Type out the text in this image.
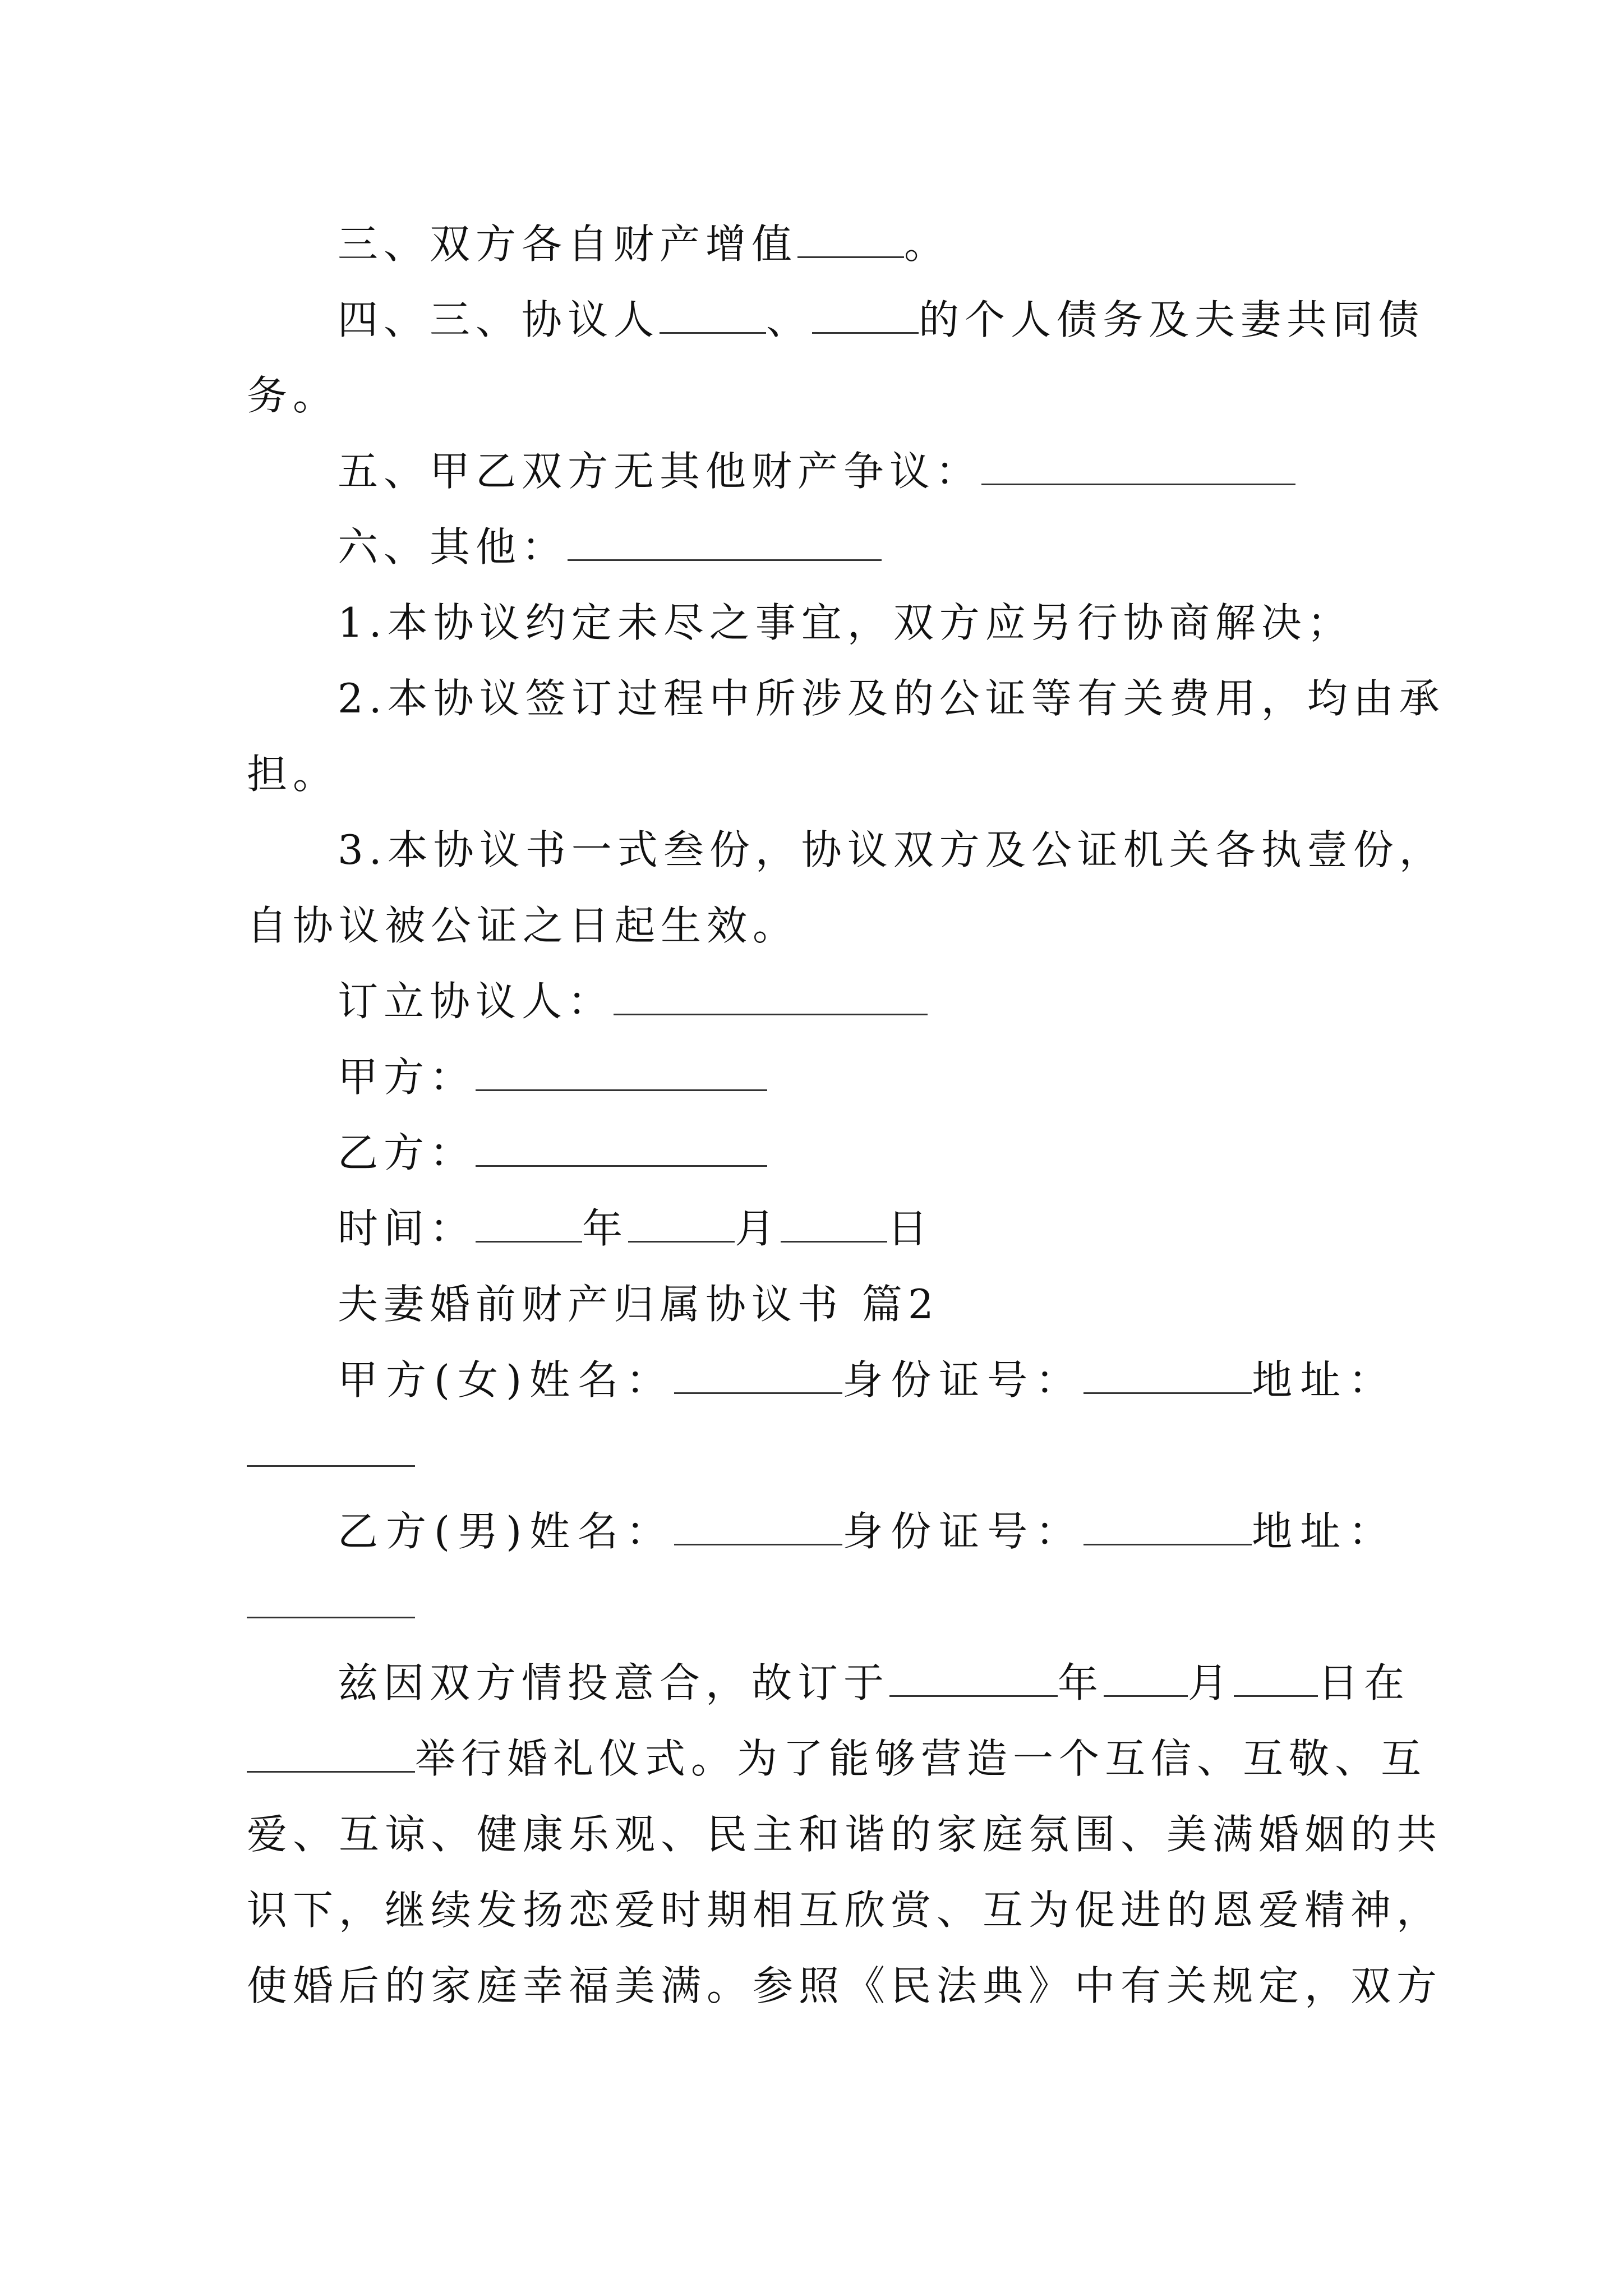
三、双方各自财产增值	。
四、三、协议人	、	的个人债务及夫妻共同债
务。
五、甲乙双方无其他财产争议：
六、其他：
1.本协议约定未尽之事宜，双方应另行协商解决；
2.本协议签订过程中所涉及的公证等有关费用，均由承
担。
3.本协议书一式叁份，协议双方及公证机关各执壹份，
自协议被公证之日起生效。
订立协议人：
甲方：
乙方：
时间：	年	月	日
夫妻婚前财产归属协议书 篇2
甲方(女)姓名：	身份证号：	地址：
乙方(男)姓名：	身份证号：	地址：
兹因双方情投意合，故订于	年 月 日在
举行婚礼仪式。为了能够营造一个互信、互敬、互
爱、互谅、健康乐观、民主和谐的家庭氛围、美满婚姻的共
识下，继续发扬恋爱时期相互欣赏、互为促进的恩爱精神，
使婚后的家庭幸福美满。参照《民法典》中有关规定，双方
